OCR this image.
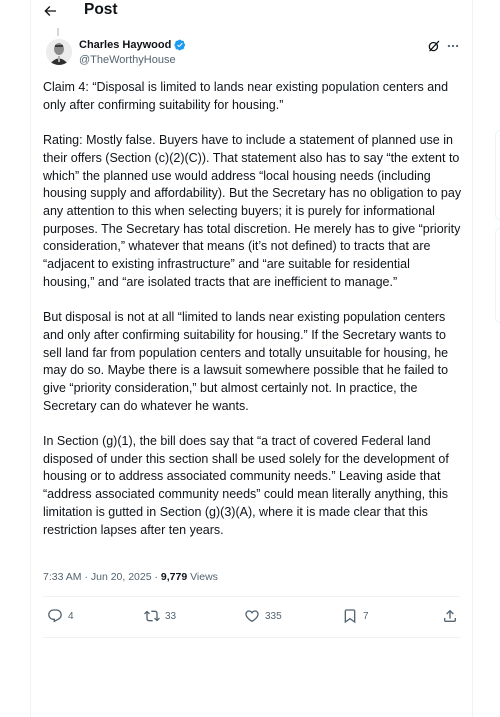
Post
Charles Haywood
@TheWorthyHouse

Claim 4: “Disposal is limited to lands near existing population centers and only after confirming suitability for housing.”

Rating: Mostly false. Buyers have to include a statement of planned use in their offers (Section (c)(2)(C)). That statement also has to say “the extent to which” the planned use would address “local housing needs (including housing supply and affordability). But the Secretary has no obligation to pay any attention to this when selecting buyers; it is purely for informational purposes. The Secretary has total discretion. He merely has to give “priority consideration,” whatever that means (it’s not defined) to tracts that are “adjacent to existing infrastructure” and “are suitable for residential housing,” and “are isolated tracts that are inefficient to manage.”

But disposal is not at all “limited to lands near existing population centers and only after confirming suitability for housing.” If the Secretary wants to sell land far from population centers and totally unsuitable for housing, he may do so. Maybe there is a lawsuit somewhere possible that he failed to give “priority consideration,” but almost certainly not. In practice, the Secretary can do whatever he wants.

In Section (g)(1), the bill does say that “a tract of covered Federal land disposed of under this section shall be used solely for the development of housing or to address associated community needs.” Leaving aside that “address associated community needs” could mean literally anything, this limitation is gutted in Section (g)(3)(A), where it is made clear that this restriction lapses after ten years.

7:33 AM · Jun 20, 2025 · 9,779 Views
4	33	335	7
